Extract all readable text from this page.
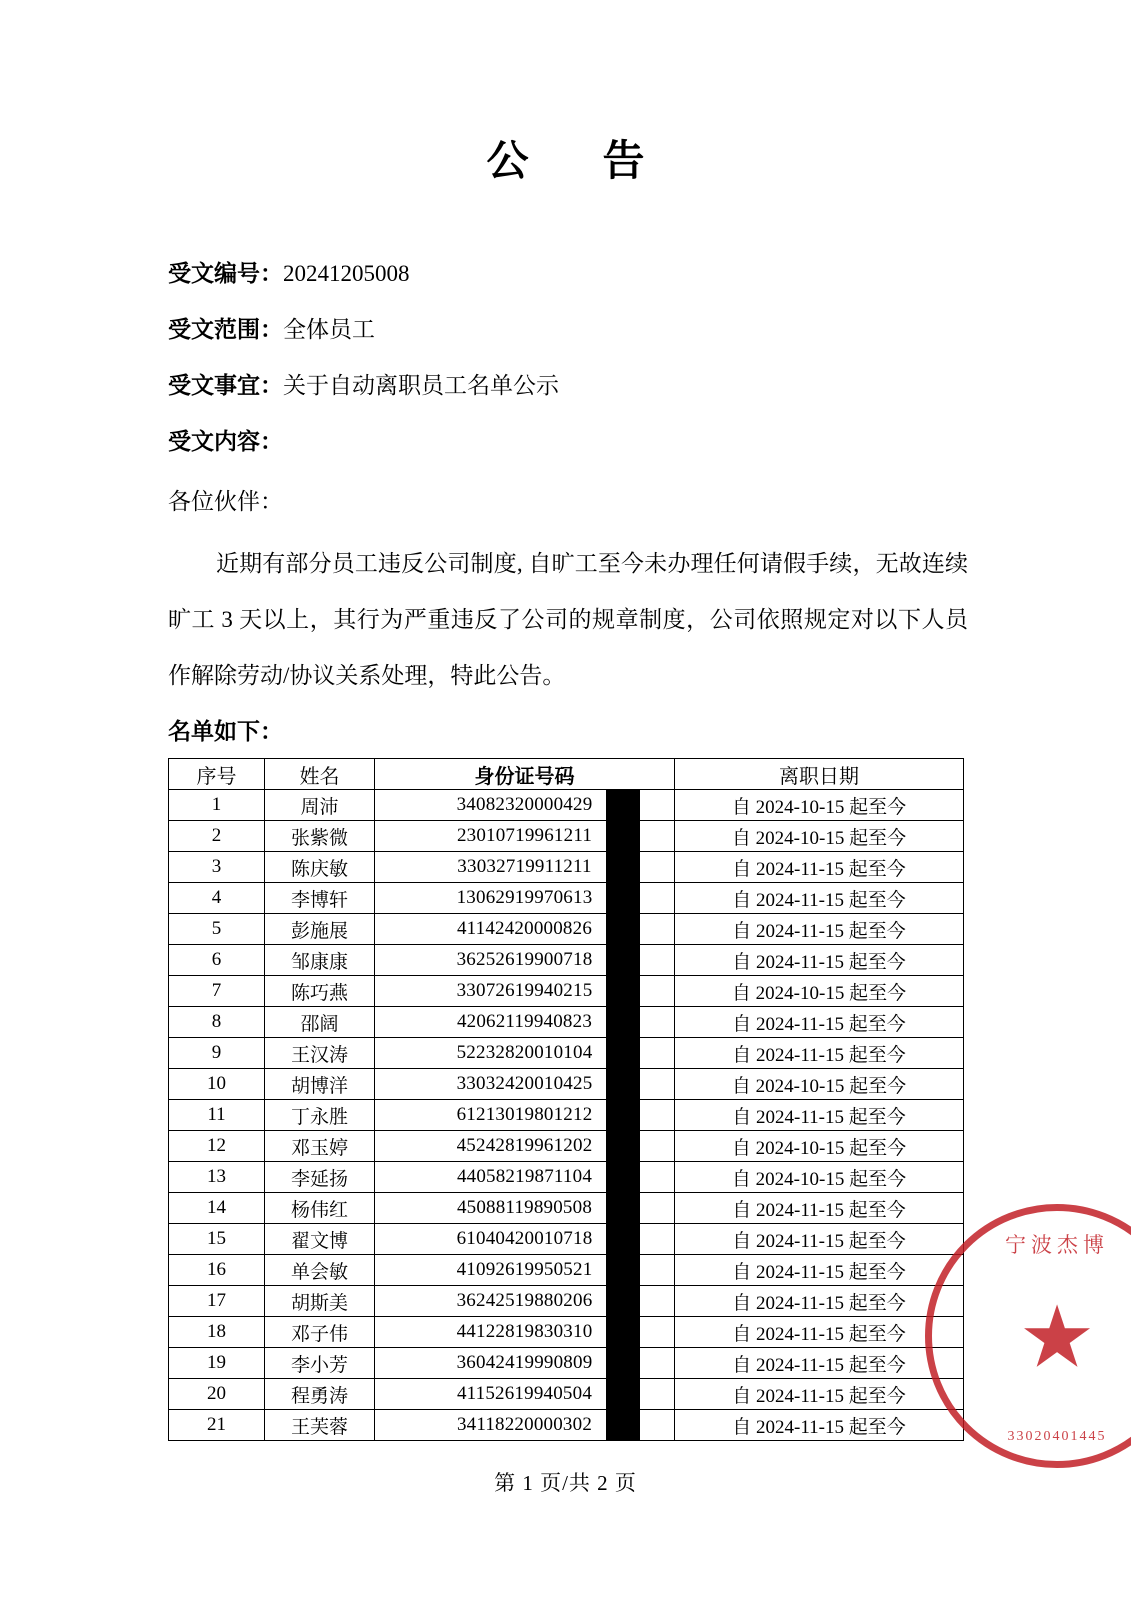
公　告
受文编号：20241205008
受文范围：全体员工
受文事宜：关于自动离职员工名单公示
受文内容：
各位伙伴：
近期有部分员工违反公司制度, 自旷工至今未办理任何请假手续，无故连续旷工 3 天以上，其行为严重违反了公司的规章制度，公司依照规定对以下人员作解除劳动/协议关系处理，特此公告。
名单如下：
序号	姓名	身份证号码	离职日期
1	周沛	34082320000429	自 2024-10-15 起至今
2	张紫微	23010719961211	自 2024-10-15 起至今
3	陈庆敏	33032719911211	自 2024-11-15 起至今
4	李博轩	13062919970613	自 2024-11-15 起至今
5	彭施展	41142420000826	自 2024-11-15 起至今
6	邹康康	36252619900718	自 2024-11-15 起至今
7	陈巧燕	33072619940215	自 2024-10-15 起至今
8	邵阔	42062119940823	自 2024-11-15 起至今
9	王汉涛	52232820010104	自 2024-11-15 起至今
10	胡博洋	33032420010425	自 2024-10-15 起至今
11	丁永胜	61213019801212	自 2024-11-15 起至今
12	邓玉婷	45242819961202	自 2024-10-15 起至今
13	李延扬	44058219871104	自 2024-10-15 起至今
14	杨伟红	45088119890508	自 2024-11-15 起至今
15	翟文博	61040420010718	自 2024-11-15 起至今
16	单会敏	41092619950521	自 2024-11-15 起至今
17	胡斯美	36242519880206	自 2024-11-15 起至今
18	邓子伟	44122819830310	自 2024-11-15 起至今
19	李小芳	36042419990809	自 2024-11-15 起至今
20	程勇涛	41152619940504	自 2024-11-15 起至今
21	王芙蓉	34118220000302	自 2024-11-15 起至今
第 1 页/共 2 页
宁波杰博
★
33020401445
